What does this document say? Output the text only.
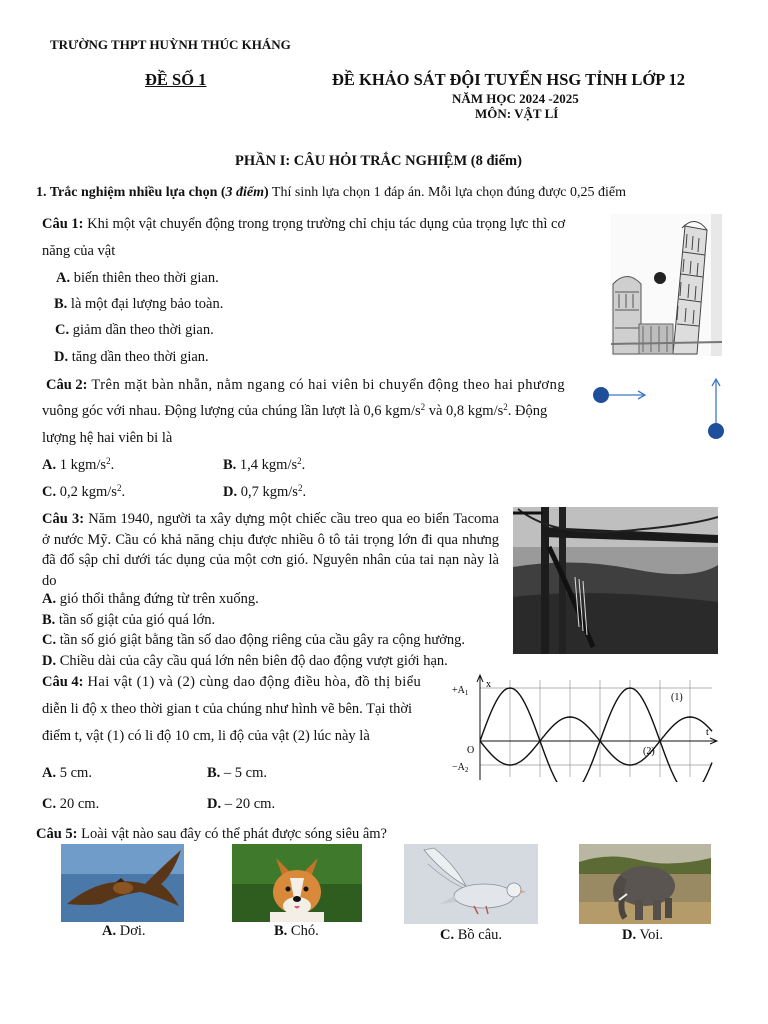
TRƯỜNG THPT HUỲNH THÚC KHÁNG
ĐỀ SỐ 1	ĐỀ KHẢO SÁT ĐỘI TUYỂN HSG TỈNH LỚP 12
NĂM HỌC 2024 -2025
MÔN: VẬT LÍ
PHẦN I: CÂU HỎI TRẮC NGHIỆM (8 điểm)
1. Trắc nghiệm nhiều lựa chọn (3 điểm) Thí sinh lựa chọn 1 đáp án. Mỗi lựa chọn đúng được 0,25 điểm
Câu 1: Khi một vật chuyển động trong trọng trường chỉ chịu tác dụng của trọng lực thì cơ
năng của vật
A. biến thiên theo thời gian.
B. là một đại lượng bảo toàn.
C. giảm dần theo thời gian.
D. tăng dần theo thời gian.
Câu 2: Trên mặt bàn nhẵn, nằm ngang có hai viên bi chuyển động theo hai phương
vuông góc với nhau. Động lượng của chúng lần lượt là 0,6 kgm/$s^2$ và 0,8 kgm/$s^2$. Động
lượng hệ hai viên bi là
A. 1 kgm/$s^2$.	B. 1,4 kgm/$s^2$.
C. 0,2 kgm/$s^2$.	D. 0,7 kgm/$s^2$.
Câu 3: Năm 1940, người ta xây dựng một chiếc cầu treo qua eo biển Tacoma ở nước Mỹ. Cầu có khả năng chịu được nhiều ô tô tải trọng lớn đi qua nhưng đã đổ sập chỉ dưới tác dụng của một cơn gió. Nguyên nhân của tai nạn này là do
A. gió thổi thẳng đứng từ trên xuống.
B. tần số giật của gió quá lớn.
C. tần số gió giật bằng tần số dao động riêng của cầu gây ra cộng hưởng.
D. Chiều dài của cây cầu quá lớn nên biên độ dao động vượt giới hạn.
Câu 4: Hai vật (1) và (2) cùng dao động điều hòa, đồ thị biểu
diễn li độ x theo thời gian t của chúng như hình vẽ bên. Tại thời
điểm t, vật (1) có li độ 10 cm, li độ của vật (2) lúc này là
A. 5 cm.	B. – 5 cm.
C. 20 cm.	D. – 20 cm.
$+A_1$
$-A_2$
O
x
t
(1)
(2)
Câu 5: Loài vật nào sau đây có thể phát được sóng siêu âm?
A. Dơi.	B. Chó.	C. Bồ câu.	D. Voi.
